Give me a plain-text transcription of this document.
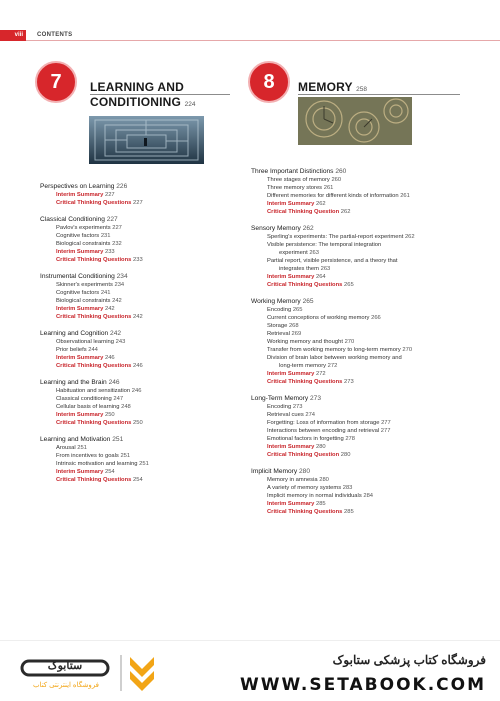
viii	CONTENTS
7	LEARNING AND
CONDITIONING 224
8	MEMORY 258
Perspectives on Learning 226
Interim Summary 227
Critical Thinking Questions 227
Classical Conditioning 227
Pavlov's experiments 227
Cognitive factors 231
Biological constraints 232
Interim Summary 233
Critical Thinking Questions 233
Instrumental Conditioning 234
Skinner's experiments 234
Cognitive factors 241
Biological constraints 242
Interim Summary 242
Critical Thinking Questions 242
Learning and Cognition 242
Observational learning 243
Prior beliefs 244
Interim Summary 246
Critical Thinking Questions 246
Learning and the Brain 246
Habituation and sensitization 246
Classical conditioning 247
Cellular basis of learning 248
Interim Summary 250
Critical Thinking Questions 250
Learning and Motivation 251
Arousal 251
From incentives to goals 251
Intrinsic motivation and learning 251
Interim Summary 254
Critical Thinking Questions 254
Three Important Distinctions 260
Three stages of memory 260
Three memory stores 261
Different memories for different kinds of information 261
Interim Summary 262
Critical Thinking Question 262
Sensory Memory 262
Sperling's experiments: The partial-report experiment 262
Visible persistence: The temporal integration
experiment 263
Partial report, visible persistence, and a theory that
integrates them 263
Interim Summary 264
Critical Thinking Questions 265
Working Memory 265
Encoding 265
Current conceptions of working memory 266
Storage 268
Retrieval 269
Working memory and thought 270
Transfer from working memory to long-term memory 270
Division of brain labor between working memory and
long-term memory 272
Interim Summary 272
Critical Thinking Questions 273
Long-Term Memory 273
Encoding 273
Retrieval cues 274
Forgetting: Loss of information from storage 277
Interactions between encoding and retrieval 277
Emotional factors in forgetting 278
Interim Summary 280
Critical Thinking Question 280
Implicit Memory 280
Memory in amnesia 280
A variety of memory systems 283
Implicit memory in normal individuals 284
Interim Summary 285
Critical Thinking Questions 285
ستابوک
فروشگاه اینترنتی کتاب
فروشگاه کتاب پزشکی ستابوک
WWW.SETABOOK.COM
